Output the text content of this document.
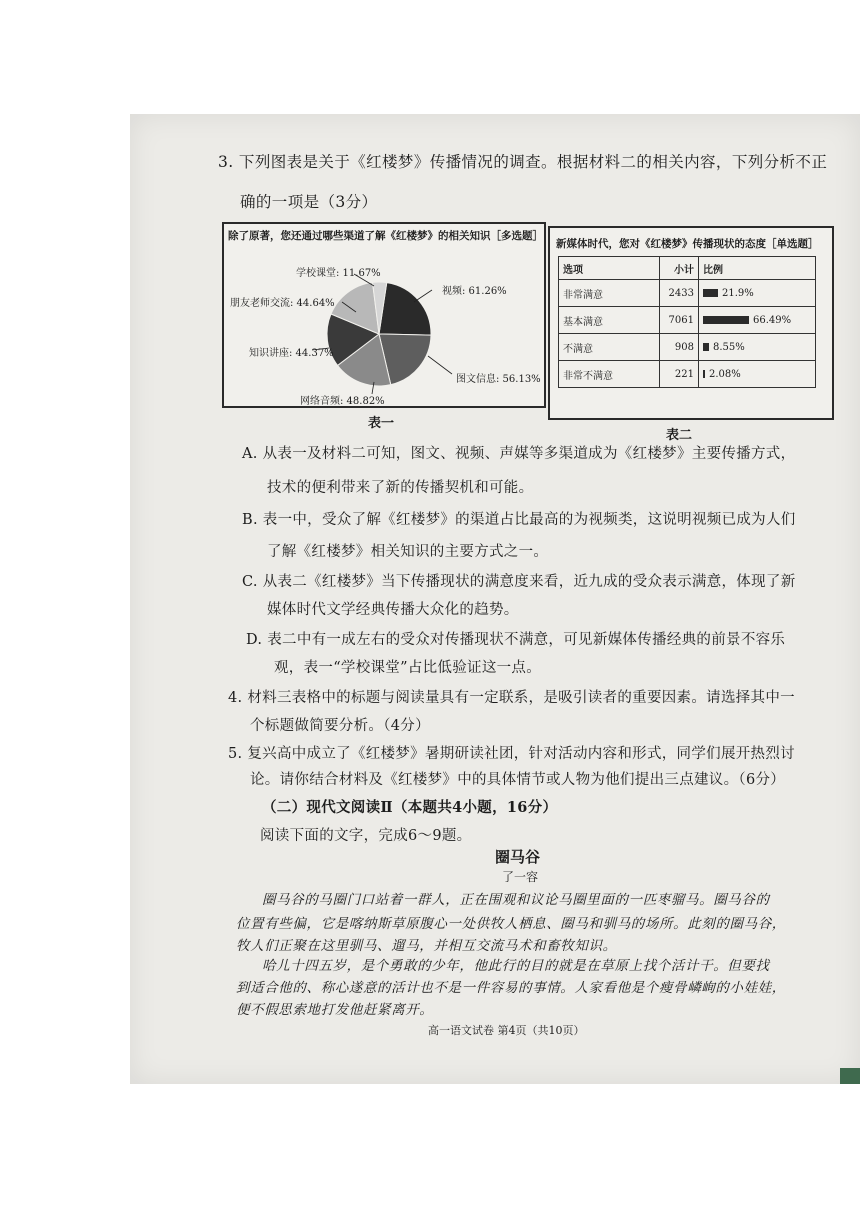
3. 下列图表是关于《红楼梦》传播情况的调查。根据材料二的相关内容，下列分析不正
确的一项是（3分）
除了原著，您还通过哪些渠道了解《红楼梦》的相关知识［多选题］
学校课堂: 11.67%
朋友老师交流: 44.64%
知识讲座: 44.37%
网络音频: 48.82%
图文信息: 56.13%
视频: 61.26%
表一
新媒体时代，您对《红楼梦》传播现状的态度［单选题］
选项	小计	比例
非常满意	2433	21.9%

基本满意	7061	66.49%

不满意	908	8.55%

非常不满意	221	2.08%
表二
A. 从表一及材料二可知，图文、视频、声媒等多渠道成为《红楼梦》主要传播方式，
技术的便利带来了新的传播契机和可能。
B. 表一中，受众了解《红楼梦》的渠道占比最高的为视频类，这说明视频已成为人们
了解《红楼梦》相关知识的主要方式之一。
C. 从表二《红楼梦》当下传播现状的满意度来看，近九成的受众表示满意，体现了新
媒体时代文学经典传播大众化的趋势。
D. 表二中有一成左右的受众对传播现状不满意，可见新媒体传播经典的前景不容乐
观，表一“学校课堂”占比低验证这一点。
4. 材料三表格中的标题与阅读量具有一定联系，是吸引读者的重要因素。请选择其中一
个标题做简要分析。（4分）
5. 复兴高中成立了《红楼梦》暑期研读社团，针对活动内容和形式，同学们展开热烈讨
论。请你结合材料及《红楼梦》中的具体情节或人物为他们提出三点建议。（6分）
（二）现代文阅读Ⅱ（本题共4小题，16分）
阅读下面的文字，完成6～9题。
圈马谷
了一容
圈马谷的马圈门口站着一群人，正在围观和议论马圈里面的一匹枣骝马。圈马谷的
位置有些偏，它是喀纳斯草原腹心一处供牧人栖息、圈马和驯马的场所。此刻的圈马谷，
牧人们正聚在这里驯马、遛马，并相互交流马术和畜牧知识。
哈儿十四五岁，是个勇敢的少年，他此行的目的就是在草原上找个活计干。但要找
到适合他的、称心遂意的活计也不是一件容易的事情。人家看他是个瘦骨嶙峋的小娃娃，
便不假思索地打发他赶紧离开。
高一语文试卷 第4页（共10页）
